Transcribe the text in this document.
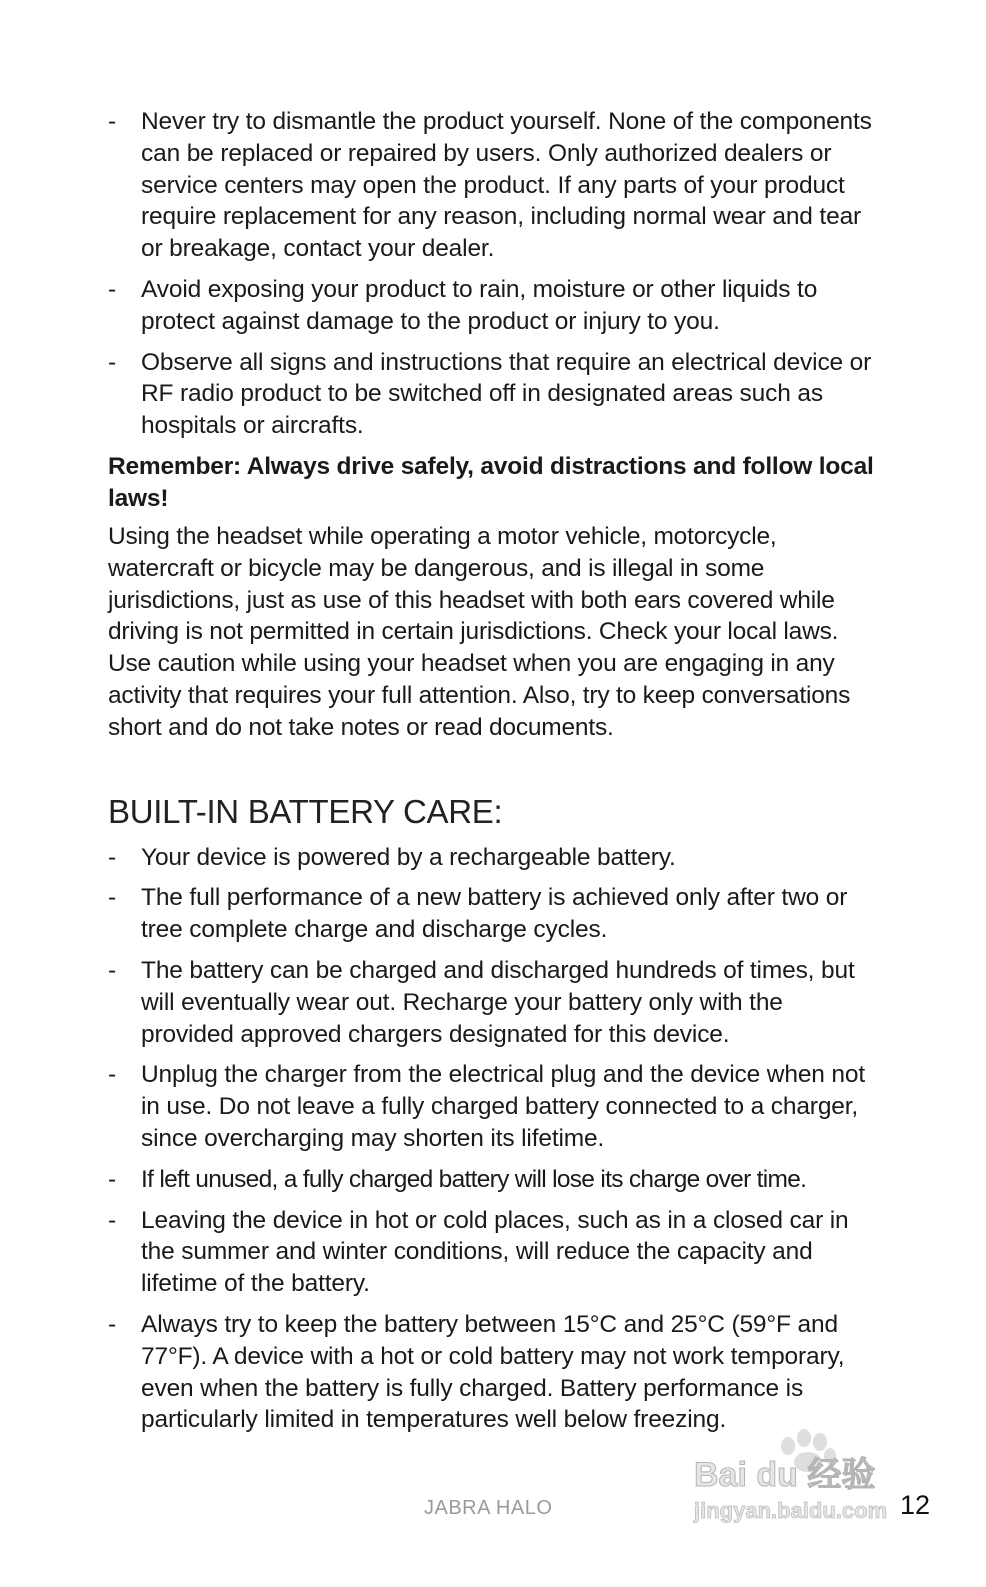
- Never try to dismantle the product yourself. None of the components can be replaced or repaired by users. Only authorized dealers or service centers may open the product. If any parts of your product require replacement for any reason, including normal wear and tear or breakage, contact your dealer.
- Avoid exposing your product to rain, moisture or other liquids to protect against damage to the product or injury to you.
- Observe all signs and instructions that require an electrical device or RF radio product to be switched off in designated areas such as hospitals or aircrafts.
Remember: Always drive safely, avoid distractions and follow local laws!

Using the headset while operating a motor vehicle, motorcycle, watercraft or bicycle may be dangerous, and is illegal in some jurisdictions, just as use of this headset with both ears covered while driving is not permitted in certain jurisdictions. Check your local laws. Use caution while using your headset when you are engaging in any activity that requires your full attention. Also, try to keep conversations short and do not take notes or read documents.

BUILT-IN BATTERY CARE:
- Your device is powered by a rechargeable battery.
- The full performance of a new battery is achieved only after two or tree complete charge and discharge cycles.
- The battery can be charged and discharged hundreds of times, but will eventually wear out. Recharge your battery only with the provided approved chargers designated for this device.
- Unplug the charger from the electrical plug and the device when not in use. Do not leave a fully charged battery connected to a charger, since overcharging may shorten its lifetime.
- If left unused, a fully charged battery will lose its charge over time.
- Leaving the device in hot or cold places, such as in a closed car in the summer and winter conditions, will reduce the capacity and lifetime of the battery.
- Always try to keep the battery between 15°C and 25°C (59°F and 77°F). A device with a hot or cold battery may not work temporary, even when the battery is fully charged. Battery performance is particularly limited in temperatures well below freezing.
Bai du 经验
jingyan.baidu.com
JABRA HALO	12
